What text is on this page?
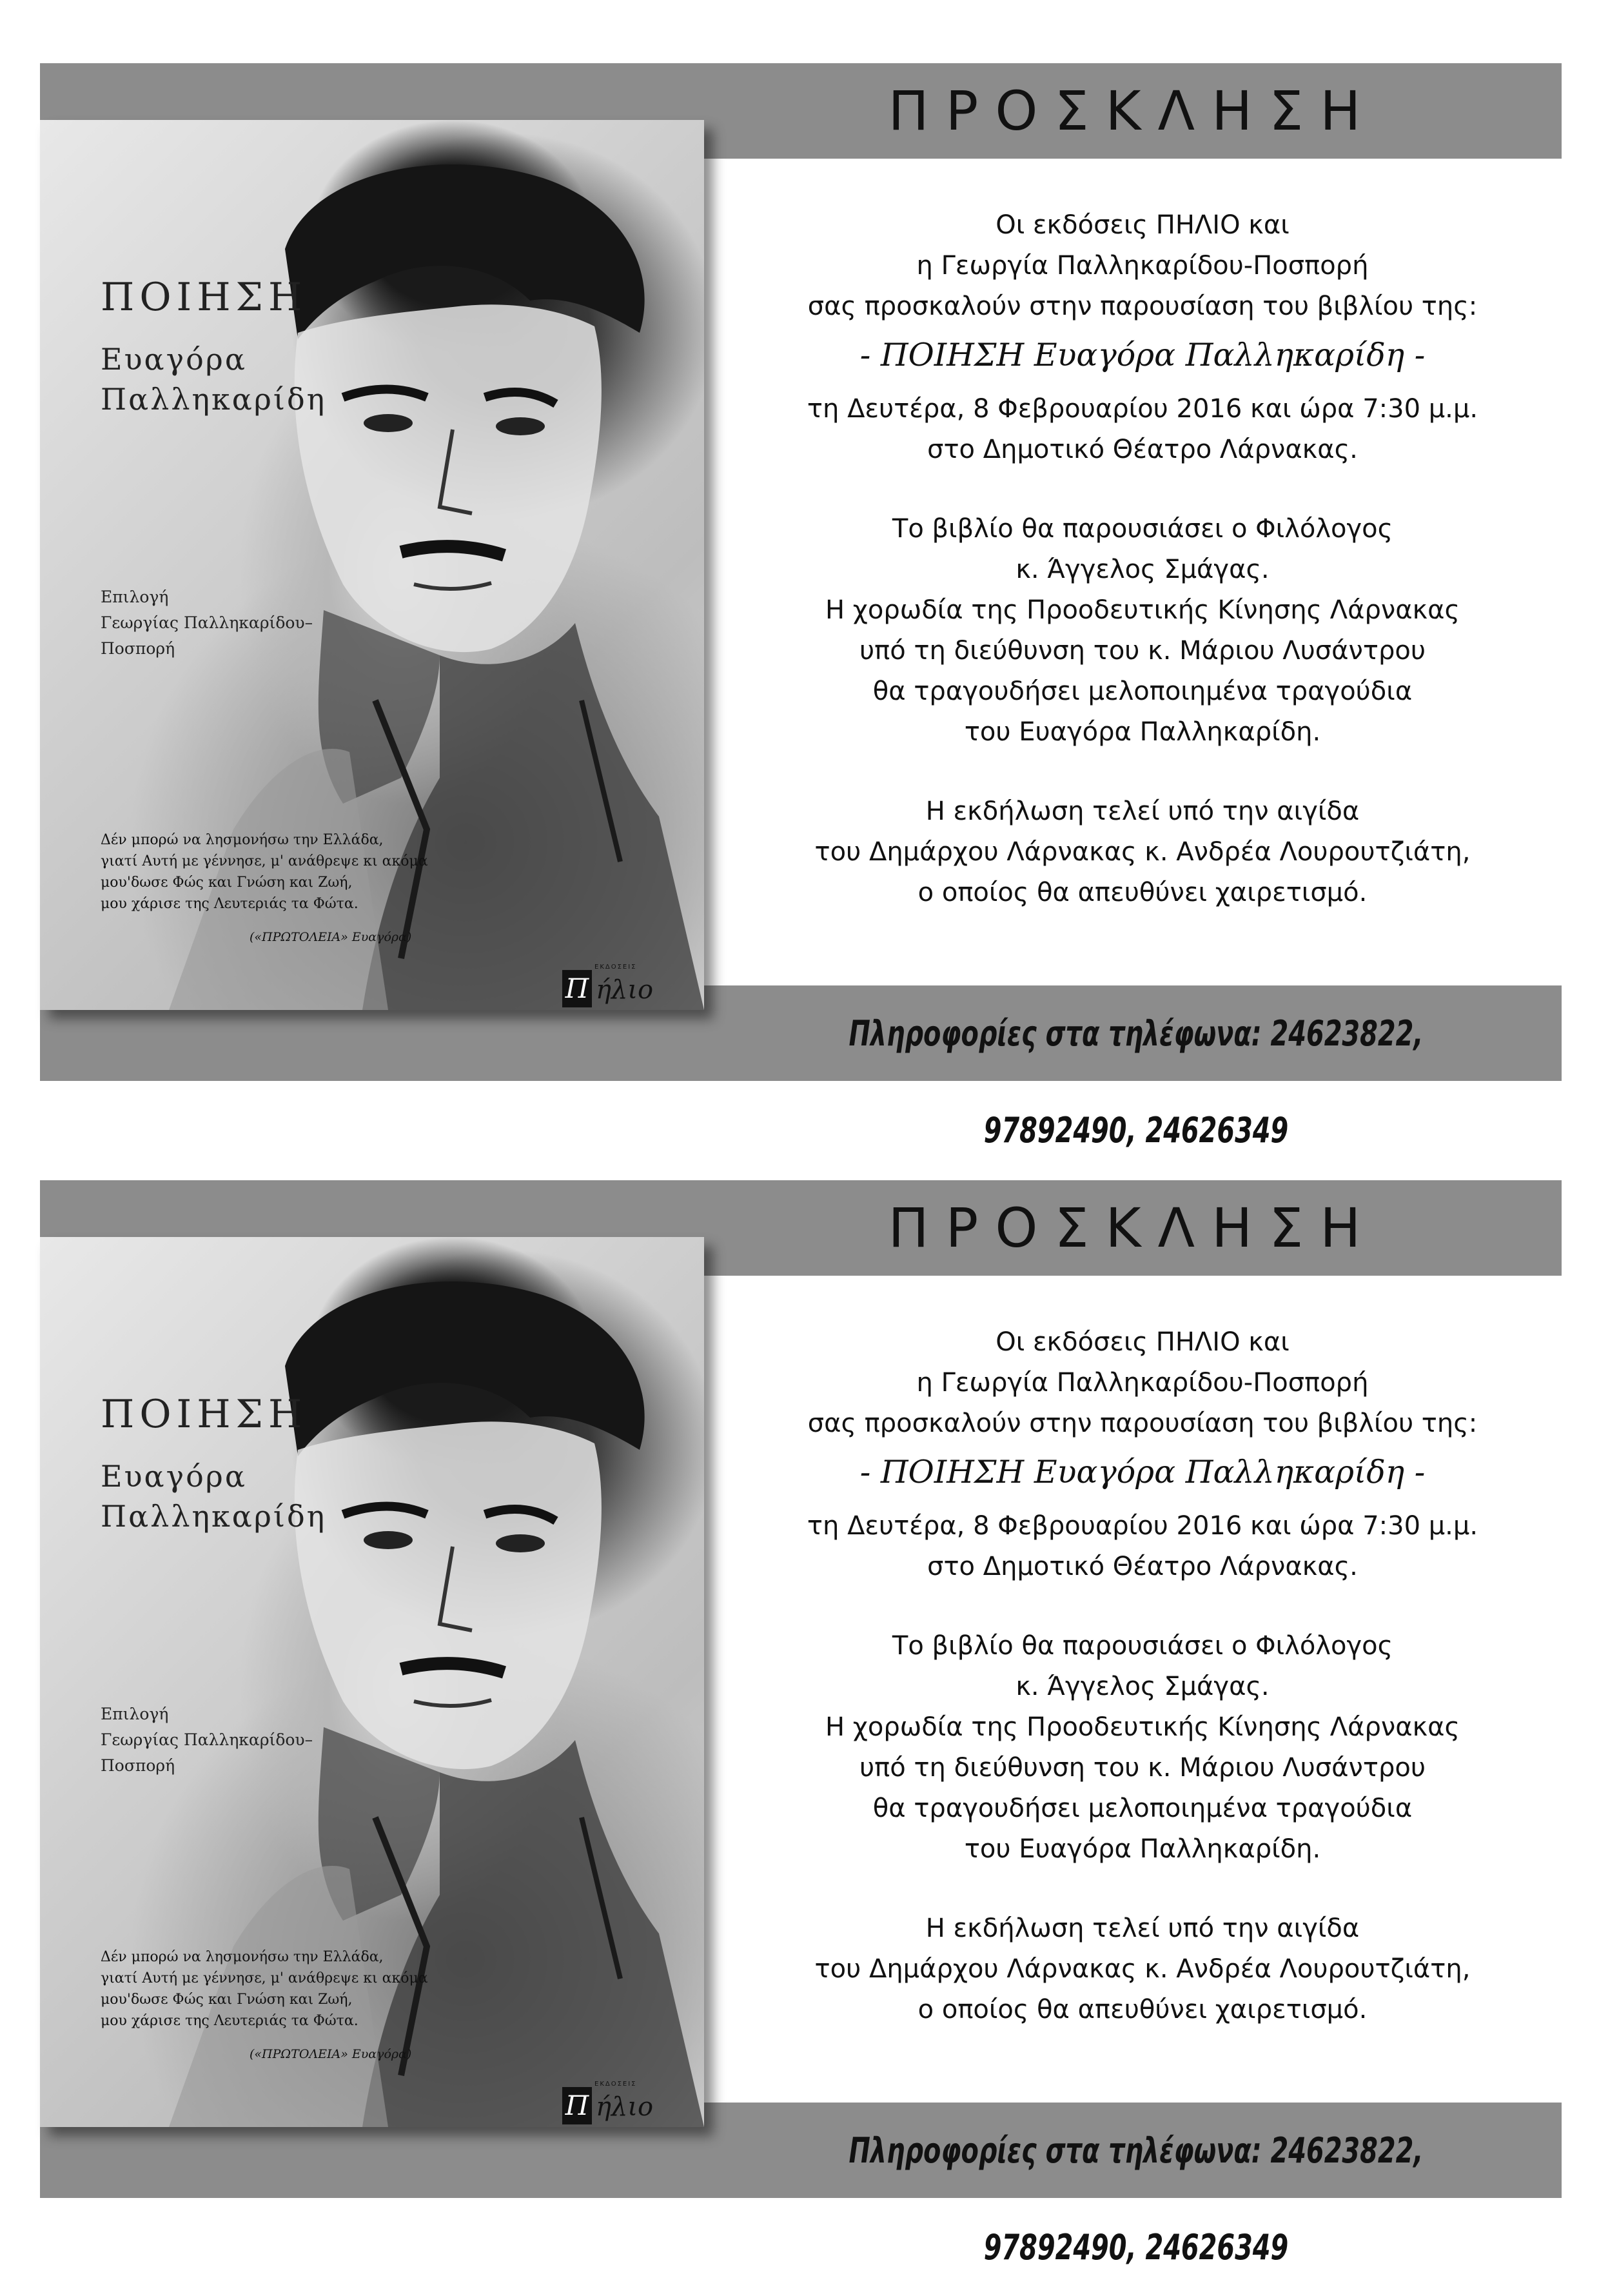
ΠΡΟΣΚΛΗΣΗ
ΠΟΙΗΣΗ
Ευαγόρα
Παλληκαρίδη
Επιλογή
Γεωργίας Παλληκαρίδου–
Ποσπορή
Δέν μπορώ να λησμονήσω την Ελλάδα,
γιατί Αυτή με γέννησε, μ' ανάθρεψε κι ακόμα
μου'δωσε Φώς και Γνώση και Ζωή,
μου χάρισε της Λευτεριάς τα Φώτα.
(«ΠΡΩΤΟΛΕΙΑ» Ευαγόρα)
ΕΚΔΟΣΕΙΣ
Π ήλιο

Οι εκδόσεις ΠΗΛΙΟ και

η Γεωργία Παλληκαρίδου-Ποσπορή

σας προσκαλούν στην παρουσίαση του βιβλίου της:

- ΠΟΙΗΣΗ Ευαγόρα Παλληκαρίδη -

τη Δευτέρα, 8 Φεβρουαρίου 2016 και ώρα 7:30 μ.μ.

στο Δημοτικό Θέατρο Λάρνακας.

Το βιβλίο θα παρουσιάσει ο Φιλόλογος

κ. Άγγελος Σμάγας.

Η χορωδία της Προοδευτικής Κίνησης Λάρνακας

υπό τη διεύθυνση του κ. Μάριου Λυσάντρου

θα τραγουδήσει μελοποιημένα τραγούδια

του Ευαγόρα Παλληκαρίδη.

Η εκδήλωση τελεί υπό την αιγίδα

του Δημάρχου Λάρνακας κ. Ανδρέα Λουρουτζιάτη,

ο οποίος θα απευθύνει χαιρετισμό.

Πληροφορίες στα τηλέφωνα: 24623822, 97892490, 24626349
ΠΡΟΣΚΛΗΣΗ
ΠΟΙΗΣΗ
Ευαγόρα
Παλληκαρίδη
Επιλογή
Γεωργίας Παλληκαρίδου–
Ποσπορή
Δέν μπορώ να λησμονήσω την Ελλάδα,
γιατί Αυτή με γέννησε, μ' ανάθρεψε κι ακόμα
μου'δωσε Φώς και Γνώση και Ζωή,
μου χάρισε της Λευτεριάς τα Φώτα.
(«ΠΡΩΤΟΛΕΙΑ» Ευαγόρα)
ΕΚΔΟΣΕΙΣ
Π ήλιο

Οι εκδόσεις ΠΗΛΙΟ και

η Γεωργία Παλληκαρίδου-Ποσπορή

σας προσκαλούν στην παρουσίαση του βιβλίου της:

- ΠΟΙΗΣΗ Ευαγόρα Παλληκαρίδη -

τη Δευτέρα, 8 Φεβρουαρίου 2016 και ώρα 7:30 μ.μ.

στο Δημοτικό Θέατρο Λάρνακας.

Το βιβλίο θα παρουσιάσει ο Φιλόλογος

κ. Άγγελος Σμάγας.

Η χορωδία της Προοδευτικής Κίνησης Λάρνακας

υπό τη διεύθυνση του κ. Μάριου Λυσάντρου

θα τραγουδήσει μελοποιημένα τραγούδια

του Ευαγόρα Παλληκαρίδη.

Η εκδήλωση τελεί υπό την αιγίδα

του Δημάρχου Λάρνακας κ. Ανδρέα Λουρουτζιάτη,

ο οποίος θα απευθύνει χαιρετισμό.

Πληροφορίες στα τηλέφωνα: 24623822, 97892490, 24626349
